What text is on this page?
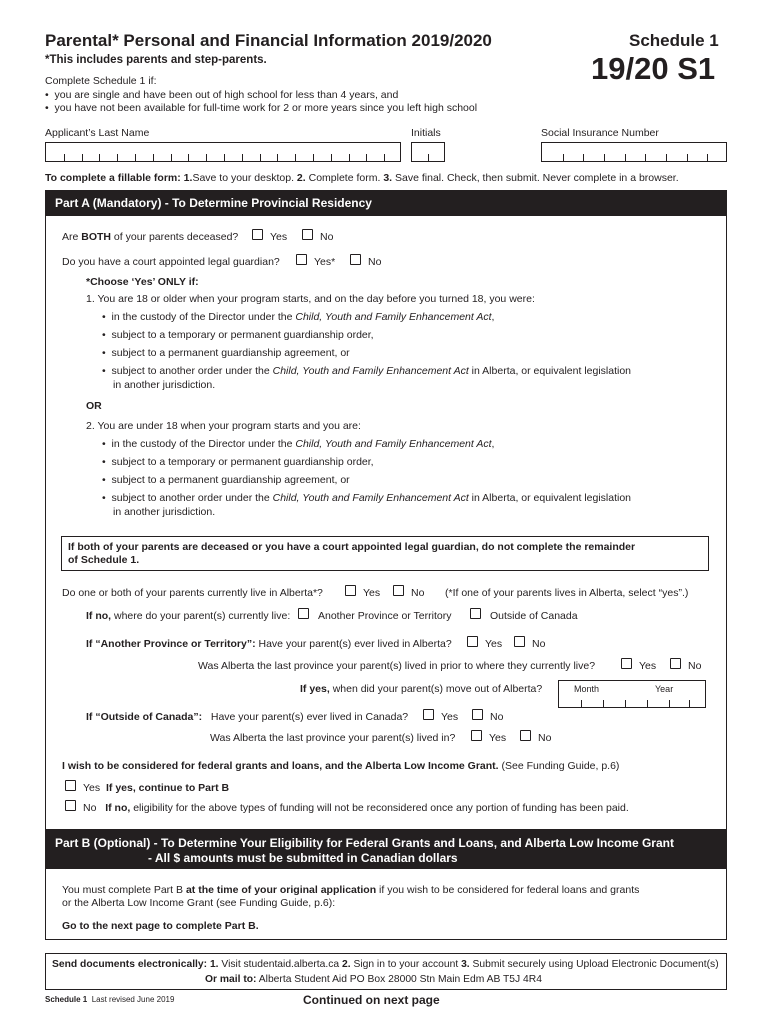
Parental* Personal and Financial Information 2019/2020	Schedule 1
19/20 S1
*This includes parents and step-parents.
Complete Schedule 1 if:
•  you are single and have been out of high school for less than 4 years, and
•  you have not been available for full-time work for 2 or more years since you left high school
Applicant’s Last Name	Initials	Social Insurance Number
To complete a fillable form: 1.Save to your desktop. 2. Complete form. 3. Save final. Check, then submit. Never complete in a browser.
Part A (Mandatory) - To Determine Provincial Residency
Are BOTH of your parents deceased?	Yes	No
Do you have a court appointed legal guardian?	Yes*	No
*Choose ‘Yes’ ONLY if:
1. You are 18 or older when your program starts, and on the day before you turned 18, you were:
•  in the custody of the Director under the Child, Youth and Family Enhancement Act,
•  subject to a temporary or permanent guardianship order,
•  subject to a permanent guardianship agreement, or
•  subject to another order under the Child, Youth and Family Enhancement Act in Alberta, or equivalent legislation
in another jurisdiction.
OR
2. You are under 18 when your program starts and you are:
•  in the custody of the Director under the Child, Youth and Family Enhancement Act,
•  subject to a temporary or permanent guardianship order,
•  subject to a permanent guardianship agreement, or
•  subject to another order under the Child, Youth and Family Enhancement Act in Alberta, or equivalent legislation
in another jurisdiction.
If both of your parents are deceased or you have a court appointed legal guardian, do not complete the remainder
of Schedule 1.
Do one or both of your parents currently live in Alberta*?	Yes	No (*If one of your parents lives in Alberta, select “yes”.)
If no, where do your parent(s) currently live:	Another Province or Territory	Outside of Canada
If “Another Province or Territory”: Have your parent(s) ever lived in Alberta?	Yes	No
Was Alberta the last province your parent(s) lived in prior to where they currently live?	Yes	No
If yes, when did your parent(s) move out of Alberta?	Month	Year
If “Outside of Canada”: Have your parent(s) ever lived in Canada?	Yes	No
Was Alberta the last province your parent(s) lived in?	Yes	No
I wish to be considered for federal grants and loans, and the Alberta Low Income Grant. (See Funding Guide, p.6)
Yes If yes, continue to Part B
No If no, eligibility for the above types of funding will not be reconsidered once any portion of funding has been paid.
Part B (Optional) - To Determine Your Eligibility for Federal Grants and Loans, and Alberta Low Income Grant
- All $ amounts must be submitted in Canadian dollars
You must complete Part B at the time of your original application if you wish to be considered for federal loans and grants
or the Alberta Low Income Grant (see Funding Guide, p.6):
Go to the next page to complete Part B.
Send documents electronically: 1. Visit studentaid.alberta.ca 2. Sign in to your account 3. Submit securely using Upload Electronic Document(s)
Or mail to: Alberta Student Aid PO Box 28000 Stn Main Edm AB T5J 4R4
Schedule 1 Last revised June 2019	Continued on next page
